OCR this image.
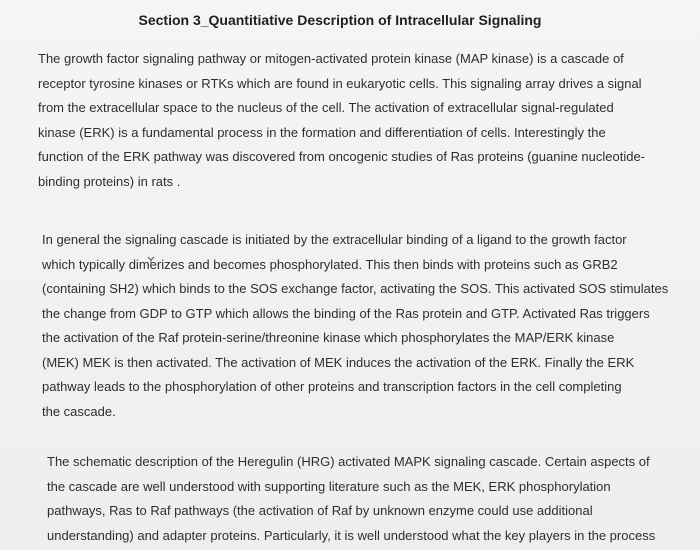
Section 3_Quantitiative Description of Intracellular Signaling

The growth factor signaling pathway or mitogen-activated protein kinase (MAP kinase) is a cascade of
receptor tyrosine kinases or RTKs which are found in eukaryotic cells. This signaling array drives a signal
from the extracellular space to the nucleus of the cell. The activation of extracellular signal-regulated
kinase (ERK) is a fundamental process in the formation and differentiation of cells. Interestingly the
function of the ERK pathway was discovered from oncogenic studies of Ras proteins (guanine nucleotide-
binding proteins) in rats .

In general the signaling cascade is initiated by the extracellular binding of a ligand to the growth factor
which typically dimerizes and becomes phosphorylated. This then binds with proteins such as GRB2
(containing SH2) which binds to the SOS exchange factor, activating the SOS. This activated SOS stimulates
the change from GDP to GTP which allows the binding of the Ras protein and GTP. Activated Ras triggers
the activation of the Raf protein-serine/threonine kinase which phosphorylates the MAP/ERK kinase
(MEK) MEK is then activated. The activation of MEK induces the activation of the ERK. Finally the ERK
pathway leads to the phosphorylation of other proteins and transcription factors in the cell completing
the cascade.

The schematic description of the Heregulin (HRG) activated MAPK signaling cascade. Certain aspects of
the cascade are well understood with supporting literature such as the MEK, ERK phosphorylation
pathways, Ras to Raf pathways (the activation of Raf by unknown enzyme could use additional
understanding) and adapter proteins. Particularly, it is well understood what the key players in the process
